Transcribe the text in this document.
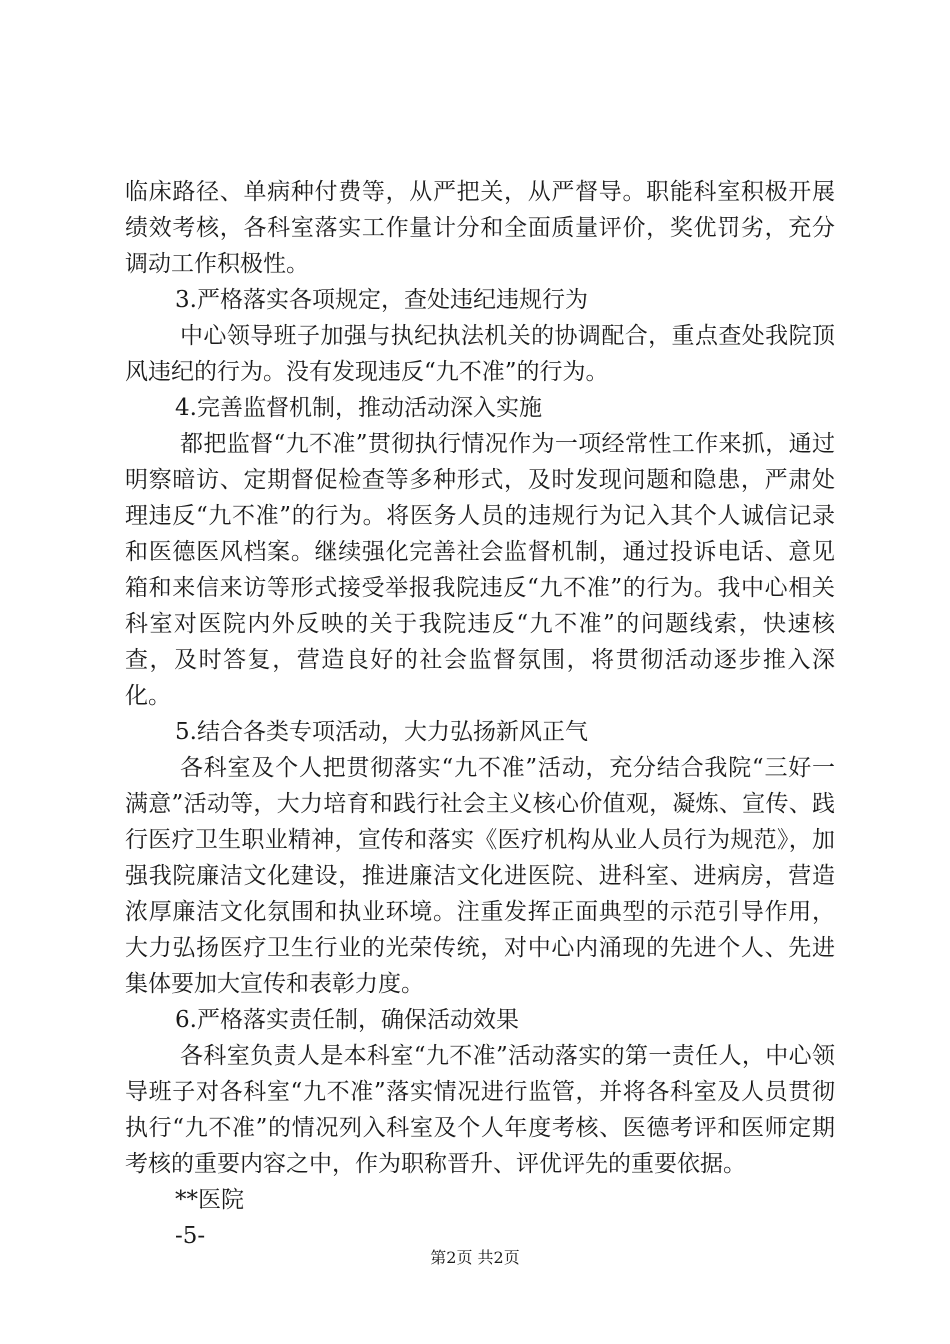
临床路径、单病种付费等，从严把关，从严督导。职能科室积极开展绩效考核，各科室落实工作量计分和全面质量评价，奖优罚劣，充分调动工作积极性。

3.严格落实各项规定，查处违纪违规行为

中心领导班子加强与执纪执法机关的协调配合，重点查处我院顶风违纪的行为。没有发现违反“九不准”的行为。

4.完善监督机制，推动活动深入实施

都把监督“九不准”贯彻执行情况作为一项经常性工作来抓，通过明察暗访、定期督促检查等多种形式，及时发现问题和隐患，严肃处理违反“九不准”的行为。将医务人员的违规行为记入其个人诚信记录和医德医风档案。继续强化完善社会监督机制，通过投诉电话、意见箱和来信来访等形式接受举报我院违反“九不准”的行为。我中心相关科室对医院内外反映的关于我院违反“九不准”的问题线索，快速核查，及时答复，营造良好的社会监督氛围，将贯彻活动逐步推入深化。

5.结合各类专项活动，大力弘扬新风正气

各科室及个人把贯彻落实“九不准”活动，充分结合我院“三好一满意”活动等，大力培育和践行社会主义核心价值观，凝炼、宣传、践行医疗卫生职业精神，宣传和落实《医疗机构从业人员行为规范》，加强我院廉洁文化建设，推进廉洁文化进医院、进科室、进病房，营造浓厚廉洁文化氛围和执业环境。注重发挥正面典型的示范引导作用，大力弘扬医疗卫生行业的光荣传统，对中心内涌现的先进个人、先进集体要加大宣传和表彰力度。

6.严格落实责任制，确保活动效果

各科室负责人是本科室“九不准”活动落实的第一责任人，中心领导班子对各科室“九不准”落实情况进行监管，并将各科室及人员贯彻执行“九不准”的情况列入科室及个人年度考核、医德考评和医师定期考核的重要内容之中，作为职称晋升、评优评先的重要依据。

**医院

-5-

第2页 共2页
